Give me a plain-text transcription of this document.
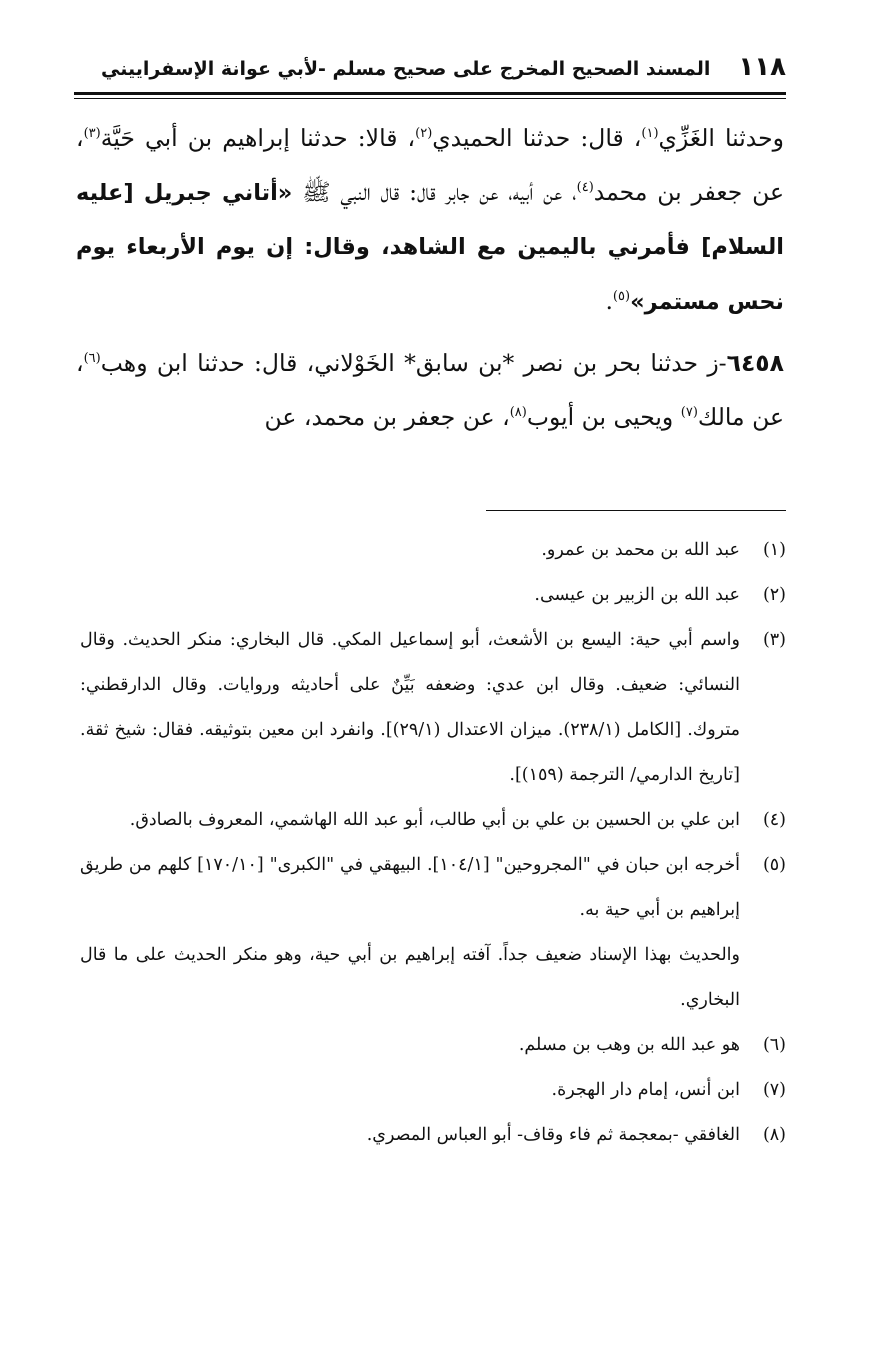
١١٨
المسند الصحيح المخرج على صحيح مسلم -لأبي عوانة الإسفراييني

وحدثنا الغَزِّي$^{(١)}$، قال: حدثنا الحميدي$^{(٢)}$، قالا: حدثنا إبراهيم بن أبي حَيَّة$^{(٣)}$، عن جعفر بن محمد$^{(٤)}$، عن أبيه، عن جابر قال: قال النبي ﷺ «أتاني جبريل [عليه السلام] فأمرني باليمين مع الشاهد، وقال: إن يوم الأربعاء يوم نحس مستمر»$^{(٥)}$.

٦٤٥٨-ز حدثنا بحر بن نصر *بن سابق* الخَوْلاني، قال: حدثنا ابن وهب$^{(٦)}$، عن مالك$^{(٧)}$ ويحيى بن أيوب$^{(٨)}$، عن جعفر بن محمد، عن

(١)
عبد الله بن محمد بن عمرو.
(٢)
عبد الله بن الزبير بن عيسى.
(٣)
واسم أبي حية: اليسع بن الأشعث، أبو إسماعيل المكي. قال البخاري: منكر الحديث. وقال النسائي: ضعيف. وقال ابن عدي: وضعفه بَيِّنٌ على أحاديثه وروايات. وقال الدارقطني: متروك. [الكامل (٢٣٨/١). ميزان الاعتدال (٢٩/١)]. وانفرد ابن معين بتوثيقه. فقال: شيخ ثقة. [تاريخ الدارمي/ الترجمة (١٥٩)].
(٤)
ابن علي بن الحسين بن علي بن أبي طالب، أبو عبد الله الهاشمي، المعروف بالصادق.
(٥)
أخرجه ابن حبان في "المجروحين" [١٠٤/١]. البيهقي في "الكبرى" [١٧٠/١٠] كلهم من طريق إبراهيم بن أبي حية به.
والحديث بهذا الإسناد ضعيف جداً. آفته إبراهيم بن أبي حية، وهو منكر الحديث على ما قال البخاري.
(٦)
هو عبد الله بن وهب بن مسلم.
(٧)
ابن أنس، إمام دار الهجرة.
(٨)
الغافقي -بمعجمة ثم فاء وقاف- أبو العباس المصري.
